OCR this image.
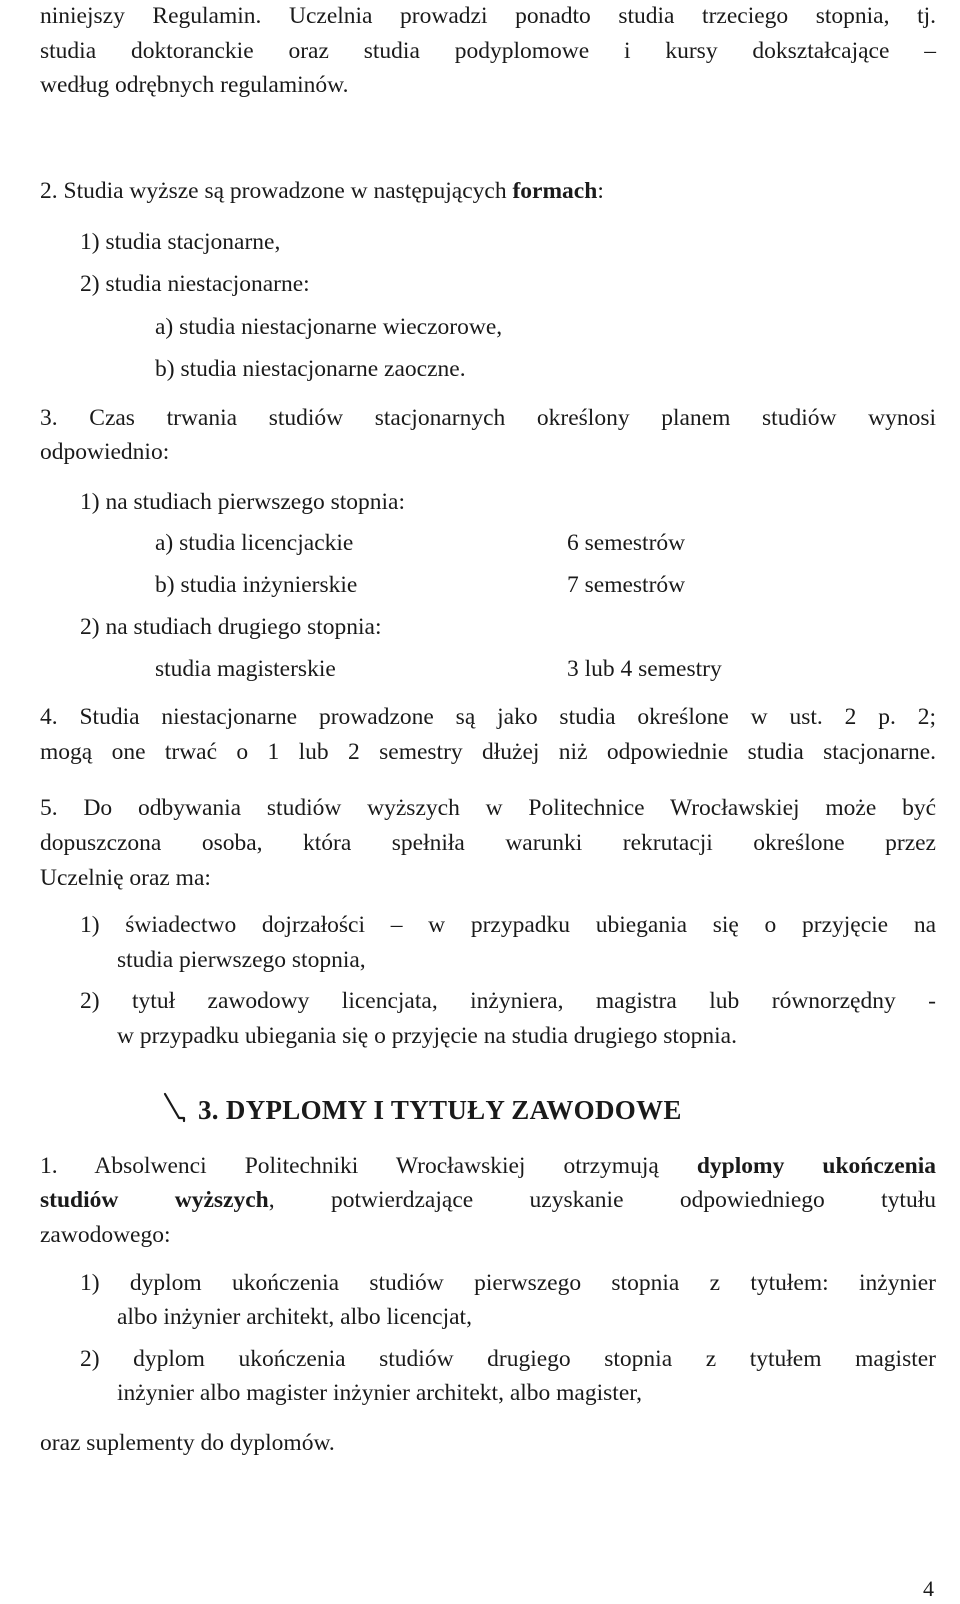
niniejszy Regulamin. Uczelnia prowadzi ponadto studia trzeciego stopnia, tj.
studia doktoranckie oraz studia podyplomowe i kursy dokształcające –
według odrębnych regulaminów.
2. Studia wyższe są prowadzone w następujących formach:
1) studia stacjonarne,
2) studia niestacjonarne:
a) studia niestacjonarne wieczorowe,
b) studia niestacjonarne zaoczne.
3. Czas trwania studiów stacjonarnych określony planem studiów wynosi
odpowiednio:
1) na studiach pierwszego stopnia:
a) studia licencjackie	6 semestrów
b) studia inżynierskie	7 semestrów
2) na studiach drugiego stopnia:
studia magisterskie	3 lub 4 semestry
4. Studia niestacjonarne prowadzone są jako studia określone w ust. 2 p. 2;
mogą one trwać o 1 lub 2 semestry dłużej niż odpowiednie studia stacjonarne.
5. Do odbywania studiów wyższych w Politechnice Wrocławskiej może być
dopuszczona osoba, która spełniła warunki rekrutacji określone przez
Uczelnię oraz ma:
1) świadectwo dojrzałości – w przypadku ubiegania się o przyjęcie na
studia pierwszego stopnia,
2) tytuł zawodowy licencjata, inżyniera, magistra lub równorzędny -
w przypadku ubiegania się o przyjęcie na studia drugiego stopnia.
3. DYPLOMY I TYTUŁY ZAWODOWE
1. Absolwenci Politechniki Wrocławskiej otrzymują dyplomy ukończenia
studiów wyższych, potwierdzające uzyskanie odpowiedniego tytułu
zawodowego:
1) dyplom ukończenia studiów pierwszego stopnia z tytułem: inżynier
albo inżynier architekt, albo licencjat,
2) dyplom ukończenia studiów drugiego stopnia z tytułem magister
inżynier albo magister inżynier architekt, albo magister,
oraz suplementy do dyplomów.
4
